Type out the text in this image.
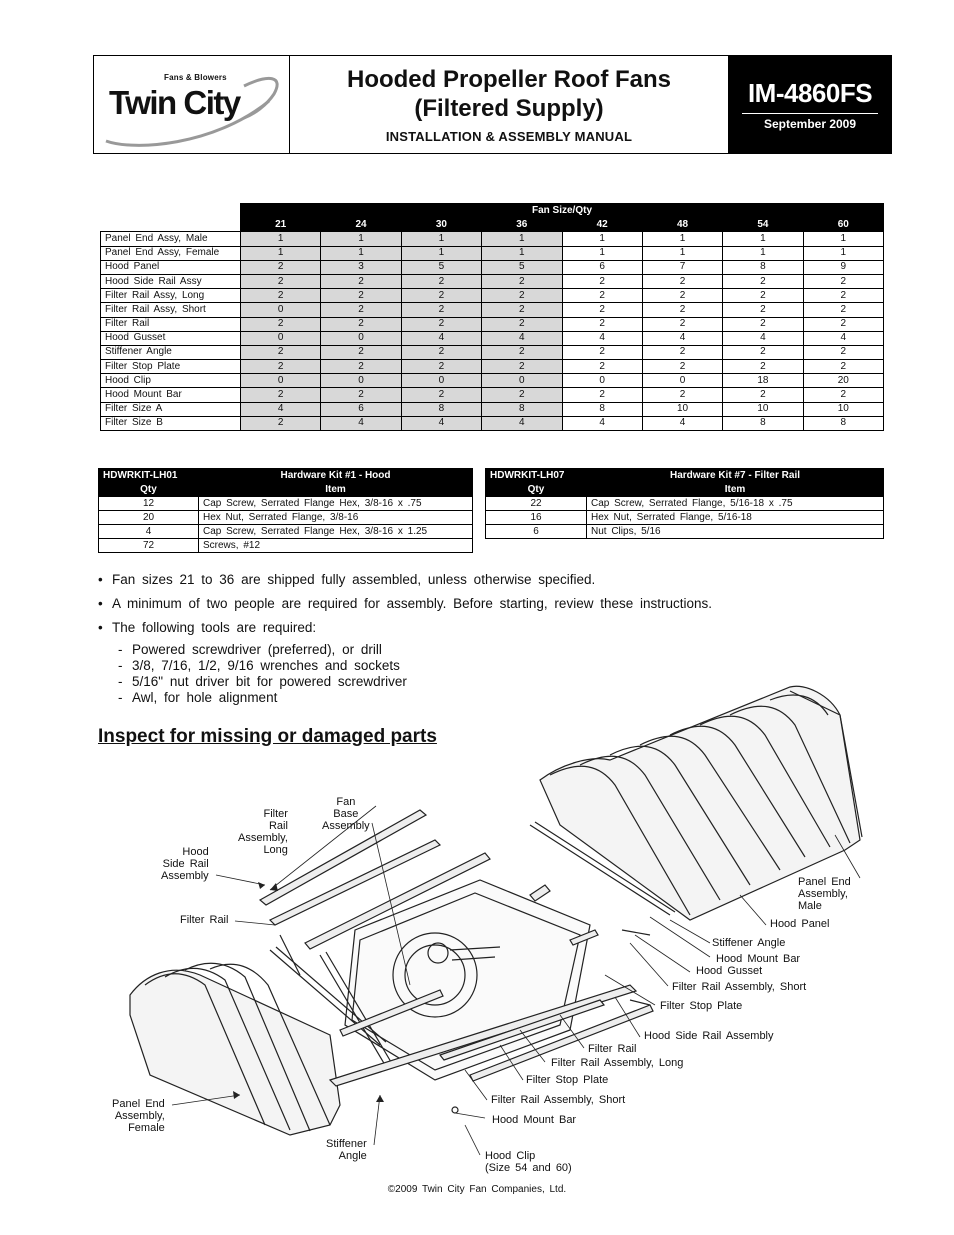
Fans & Blowers
Twin City
Hooded Propeller Roof Fans
(Filtered Supply)
INSTALLATION & ASSEMBLY MANUAL
IM-4860FS
September 2009
	Fan Size/Qty							
	21	24	30	36	42	48	54	60
Panel End Assy, Male	1	1	1	1	1	1	1	1
Panel End Assy, Female	1	1	1	1	1	1	1	1
Hood Panel	2	3	5	5	6	7	8	9
Hood Side Rail Assy	2	2	2	2	2	2	2	2
Filter Rail Assy, Long	2	2	2	2	2	2	2	2
Filter Rail Assy, Short	0	2	2	2	2	2	2	2
Filter Rail	2	2	2	2	2	2	2	2
Hood Gusset	0	0	4	4	4	4	4	4
Stiffener Angle	2	2	2	2	2	2	2	2
Filter Stop Plate	2	2	2	2	2	2	2	2
Hood Clip	0	0	0	0	0	0	18	20
Hood Mount Bar	2	2	2	2	2	2	2	2
Filter Size A	4	6	8	8	8	10	10	10
Filter Size B	2	4	4	4	4	4	8	8
HDWRKIT-LH01	Hardware Kit #1 - Hood
Qty	Item
12	Cap Screw, Serrated Flange Hex, 3/8-16 x .75
20	Hex Nut, Serrated Flange, 3/8-16
4	Cap Screw, Serrated Flange Hex, 3/8-16 x 1.25
72	Screws, #12
HDWRKIT-LH07	Hardware Kit #7 - Filter Rail
Qty	Item
22	Cap Screw, Serrated Flange, 5/16-18 x .75
16	Hex Nut, Serrated Flange, 5/16-18
6	Nut Clips, 5/16
• Fan sizes 21 to 36 are shipped fully assembled, unless otherwise specified.
• A minimum of two people are required for assembly. Before starting, review these instructions.
• The following tools are required:
- Powered screwdriver (preferred), or drill
- 3/8, 7/16, 1/2, 9/16 wrenches and sockets
- 5/16" nut driver bit for powered screwdriver
- Awl, for hole alignment
Inspect for missing or damaged parts
Fan
Base
Assembly
Filter
Rail
Assembly,
Long
Hood
Side Rail
Assembly
Filter Rail
Panel End
Assembly,
Male
Hood Panel
Stiffener Angle
Hood Mount Bar
Hood Gusset
Filter Rail Assembly, Short
Filter Stop Plate
Hood Side Rail Assembly
Filter Rail
Filter Rail Assembly, Long
Filter Stop Plate
Filter Rail Assembly, Short
Hood Mount Bar
Hood Clip
(Size 54 and 60)
Panel End
Assembly,
Female
Stiffener
Angle
©2009 Twin City Fan Companies, Ltd.
